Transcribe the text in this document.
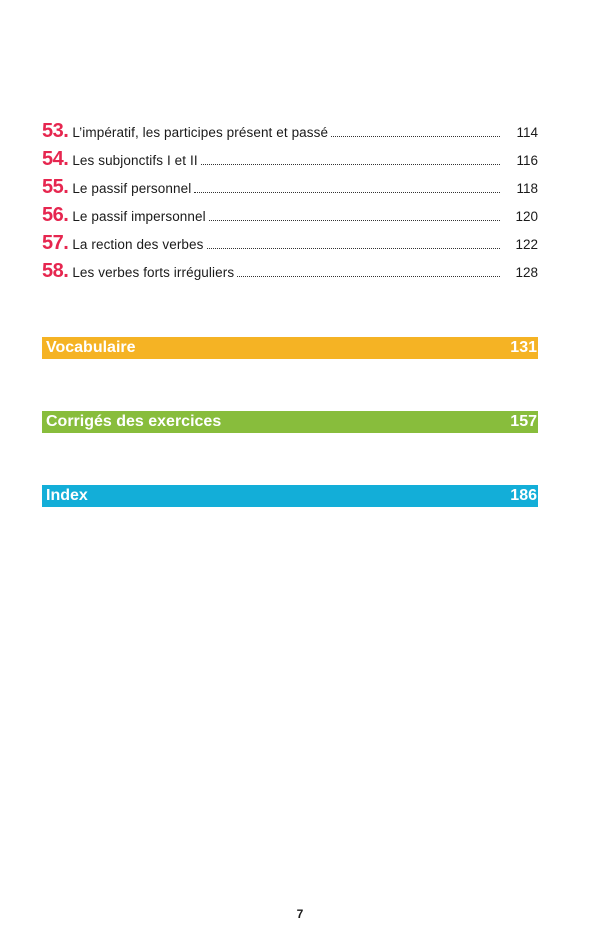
53. L’impératif, les participes présent et passé	114
54. Les subjonctifs I et II	116
55. Le passif personnel	118
56. Le passif impersonnel	120
57. La rection des verbes	122
58. Les verbes forts irréguliers	128
Vocabulaire	131
Corrigés des exercices	157
Index	186
7
